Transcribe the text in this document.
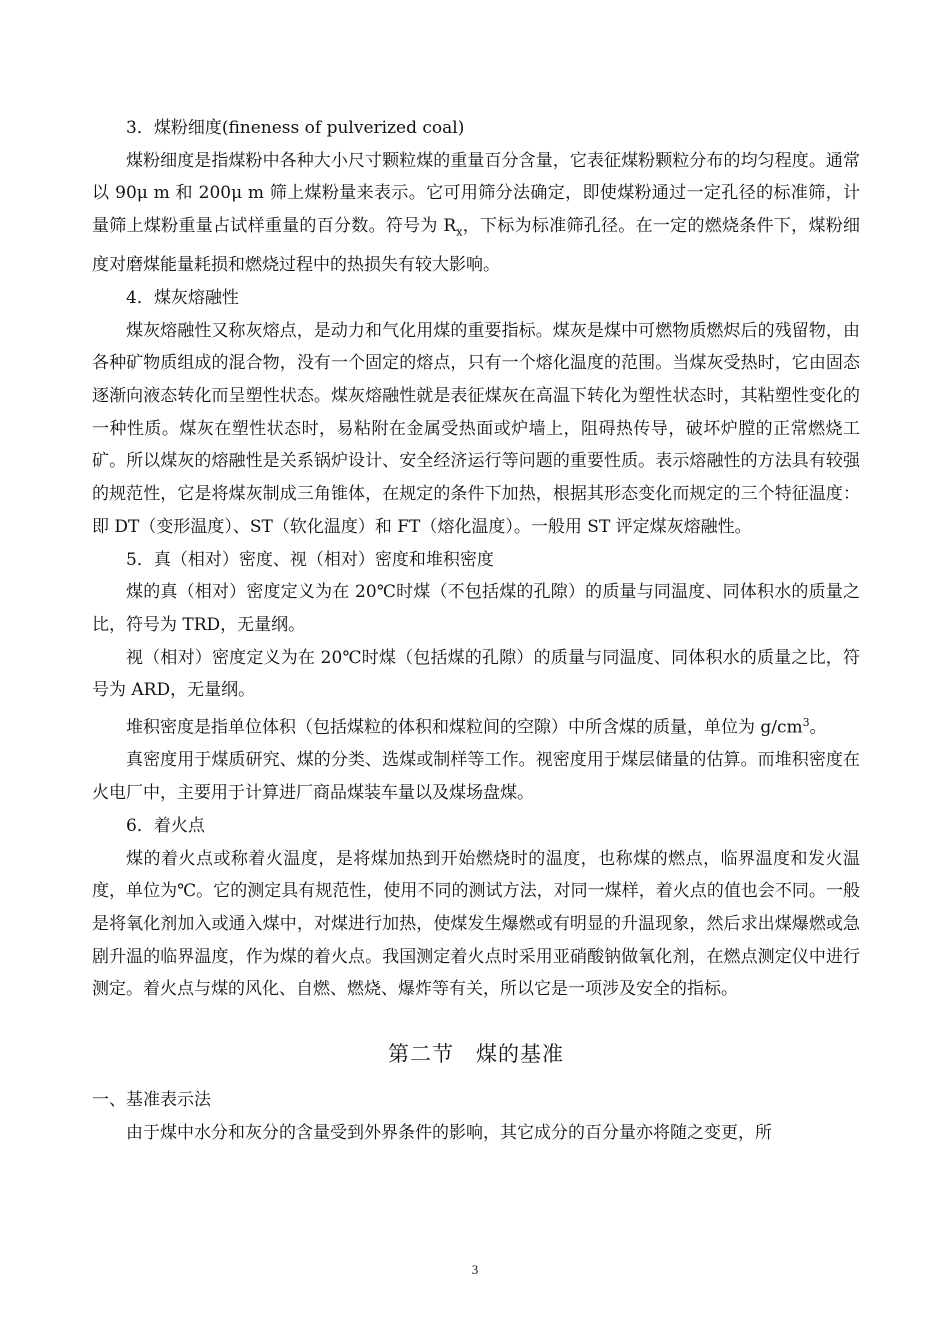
3．煤粉细度(fineness of pulverized coal)

煤粉细度是指煤粉中各种大小尺寸颗粒煤的重量百分含量，它表征煤粉颗粒分布的均匀程度。通常以 90μ m 和 200μ m 筛上煤粉量来表示。它可用筛分法确定，即使煤粉通过一定孔径的标准筛，计量筛上煤粉重量占试样重量的百分数。符号为 $R_x$，下标为标准筛孔径。在一定的燃烧条件下，煤粉细度对磨煤能量耗损和燃烧过程中的热损失有较大影响。

4．煤灰熔融性

煤灰熔融性又称灰熔点，是动力和气化用煤的重要指标。煤灰是煤中可燃物质燃烬后的残留物，由各种矿物质组成的混合物，没有一个固定的熔点，只有一个熔化温度的范围。当煤灰受热时，它由固态逐渐向液态转化而呈塑性状态。煤灰熔融性就是表征煤灰在高温下转化为塑性状态时，其粘塑性变化的一种性质。煤灰在塑性状态时，易粘附在金属受热面或炉墙上，阻碍热传导，破坏炉膛的正常燃烧工矿。所以煤灰的熔融性是关系锅炉设计、安全经济运行等问题的重要性质。表示熔融性的方法具有较强的规范性，它是将煤灰制成三角锥体，在规定的条件下加热，根据其形态变化而规定的三个特征温度：即 DT（变形温度）、ST（软化温度）和 FT（熔化温度）。一般用 ST 评定煤灰熔融性。

5．真（相对）密度、视（相对）密度和堆积密度

煤的真（相对）密度定义为在 20℃时煤（不包括煤的孔隙）的质量与同温度、同体积水的质量之比，符号为 TRD，无量纲。

视（相对）密度定义为在 20℃时煤（包括煤的孔隙）的质量与同温度、同体积水的质量之比，符号为 ARD，无量纲。

堆积密度是指单位体积（包括煤粒的体积和煤粒间的空隙）中所含煤的质量，单位为 $g/cm^3$。

真密度用于煤质研究、煤的分类、选煤或制样等工作。视密度用于煤层储量的估算。而堆积密度在火电厂中，主要用于计算进厂商品煤装车量以及煤场盘煤。

6．着火点

煤的着火点或称着火温度，是将煤加热到开始燃烧时的温度，也称煤的燃点，临界温度和发火温度，单位为℃。它的测定具有规范性，使用不同的测试方法，对同一煤样，着火点的值也会不同。一般是将氧化剂加入或通入煤中，对煤进行加热，使煤发生爆燃或有明显的升温现象，然后求出煤爆燃或急剧升温的临界温度，作为煤的着火点。我国测定着火点时采用亚硝酸钠做氧化剂，在燃点测定仪中进行测定。着火点与煤的风化、自燃、燃烧、爆炸等有关，所以它是一项涉及安全的指标。

第二节　煤的基准

一、基准表示法

由于煤中水分和灰分的含量受到外界条件的影响，其它成分的百分量亦将随之变更，所

3
